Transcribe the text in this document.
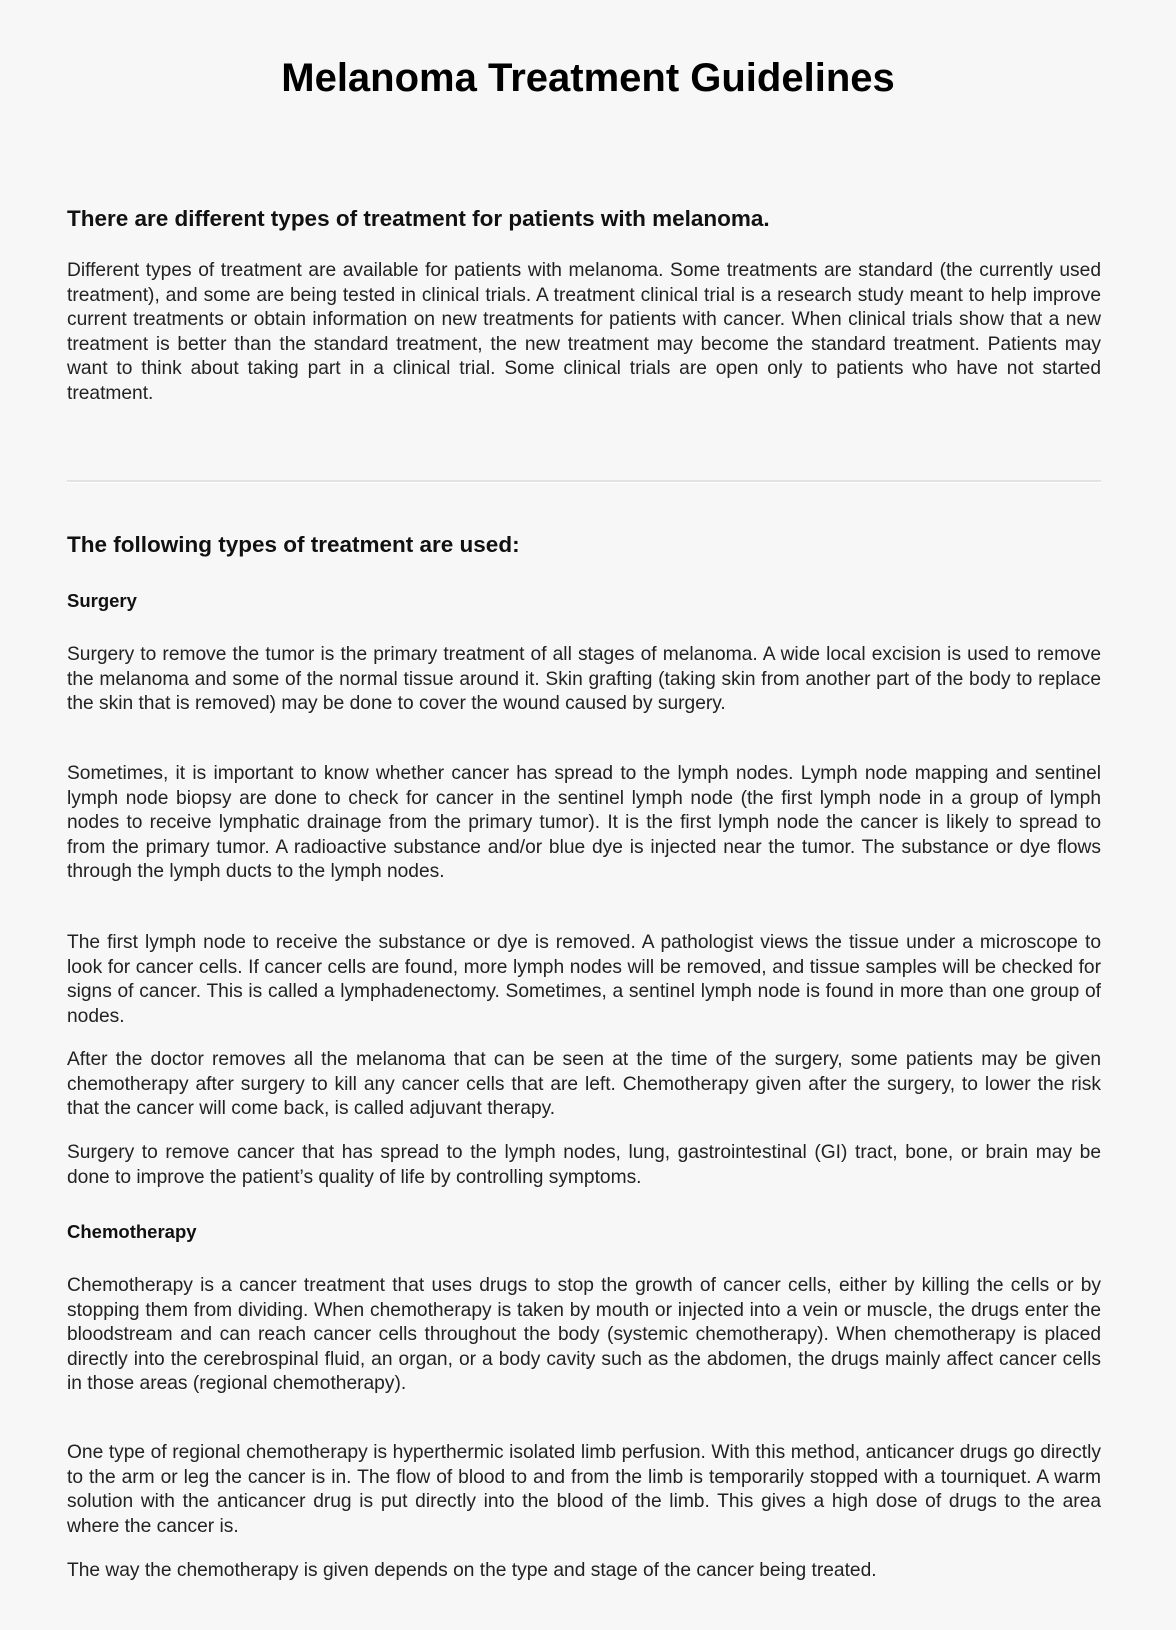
Melanoma Treatment Guidelines
There are different types of treatment for patients with melanoma.

Different types of treatment are available for patients with melanoma. Some treatments are standard (the currently used treatment), and some are being tested in clinical trials. A treatment clinical trial is a research study meant to help improve current treatments or obtain information on new treatments for patients with cancer. When clinical trials show that a new treatment is better than the standard treatment, the new treatment may become the standard treatment. Patients may want to think about taking part in a clinical trial. Some clinical trials are open only to patients who have not started treatment.

The following types of treatment are used:
Surgery

Surgery to remove the tumor is the primary treatment of all stages of melanoma. A wide local excision is used to remove the melanoma and some of the normal tissue around it. Skin grafting (taking skin from another part of the body to replace the skin that is removed) may be done to cover the wound caused by surgery.

Sometimes, it is important to know whether cancer has spread to the lymph nodes. Lymph node mapping and sentinel lymph node biopsy are done to check for cancer in the sentinel lymph node (the first lymph node in a group of lymph nodes to receive lymphatic drainage from the primary tumor). It is the first lymph node the cancer is likely to spread to from the primary tumor. A radioactive substance and/or blue dye is injected near the tumor. The substance or dye flows through the lymph ducts to the lymph nodes.

The first lymph node to receive the substance or dye is removed. A pathologist views the tissue under a microscope to look for cancer cells. If cancer cells are found, more lymph nodes will be removed, and tissue samples will be checked for signs of cancer. This is called a lymphadenectomy. Sometimes, a sentinel lymph node is found in more than one group of nodes.

After the doctor removes all the melanoma that can be seen at the time of the surgery, some patients may be given chemotherapy after surgery to kill any cancer cells that are left. Chemotherapy given after the surgery, to lower the risk that the cancer will come back, is called adjuvant therapy.

Surgery to remove cancer that has spread to the lymph nodes, lung, gastrointestinal (GI) tract, bone, or brain may be done to improve the patient’s quality of life by controlling symptoms.

Chemotherapy

Chemotherapy is a cancer treatment that uses drugs to stop the growth of cancer cells, either by killing the cells or by stopping them from dividing. When chemotherapy is taken by mouth or injected into a vein or muscle, the drugs enter the bloodstream and can reach cancer cells throughout the body (systemic chemotherapy). When chemotherapy is placed directly into the cerebrospinal fluid, an organ, or a body cavity such as the abdomen, the drugs mainly affect cancer cells in those areas (regional chemotherapy).

One type of regional chemotherapy is hyperthermic isolated limb perfusion. With this method, anticancer drugs go directly to the arm or leg the cancer is in. The flow of blood to and from the limb is temporarily stopped with a tourniquet. A warm solution with the anticancer drug is put directly into the blood of the limb. This gives a high dose of drugs to the area where the cancer is.

The way the chemotherapy is given depends on the type and stage of the cancer being treated.
